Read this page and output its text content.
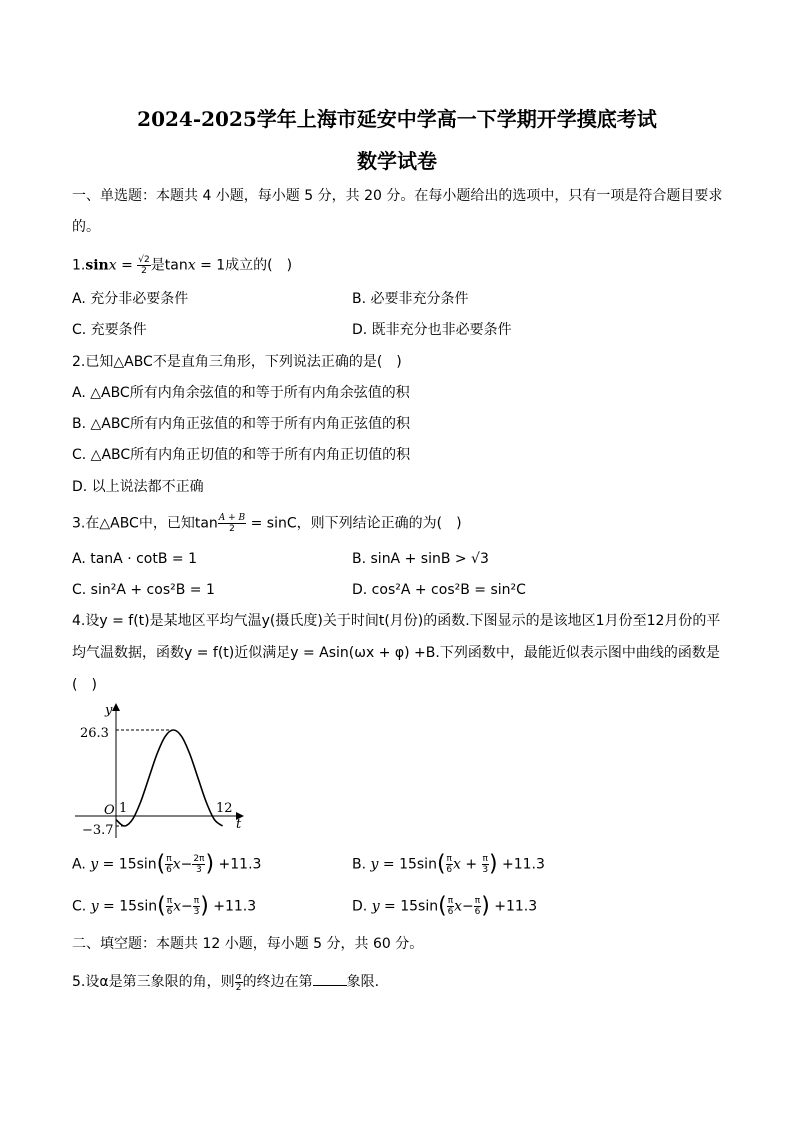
2024-2025学年上海市延安中学高一下学期开学摸底考试
数学试卷
一、单选题：本题共 4 小题，每小题 5 分，共 20 分。在每小题给出的选项中，只有一项是符合题目要求
的。
$1.\sin x = \frac{√2}{2}$ 是tanx = 1成立的(　)
A. 充分非必要条件	B. 必要非充分条件
C. 充要条件	D. 既非充分也非必要条件
2.已知△ABC不是直角三角形，下列说法正确的是(　)
A. △ABC所有内角余弦值的和等于所有内角余弦值的积
B. △ABC所有内角正弦值的和等于所有内角正弦值的积
C. △ABC所有内角正切值的和等于所有内角正切值的积
D. 以上说法都不正确
3.在△ABC中，已知$\tan \frac{A + B}{2} = \sin C$，则下列结论正确的为(　)
A. tanA · cotB = 1	B. sinA + sinB > √3
C. sin²A + cos²B = 1	D. cos²A + cos²B = sin²C
4.设y = f(t)是某地区平均气温y(摄氏度)关于时间t(月份)的函数.下图显示的是该地区1月份至12月份的平
均气温数据，函数y = f(t)近似满足y = Asin(ωx + φ) +B.下列函数中，最能近似表示图中曲线的函数是
(　)
y
t
O 1	12
26.3
−3.7
A. $y = 15\sin( \frac{\pi}{6} x- \frac{2\pi}{3}$ ) +11.3	B. $y = 15\sin( \frac{\pi}{6}$ $x + \frac{\pi}{3}$ ) +11.3
C. $y = 15\sin( \frac{\pi}{6} x- \frac{\pi}{3}$ ) +11.3	D. $y = 15\sin( \frac{\pi}{6} x- \frac{\pi}{6}$ ) +11.3
二、填空题：本题共 12 小题，每小题 5 分，共 60 分。
5.设α是第三象限的角，则 $\frac{\alpha}{2}$ 的终边在第 象限.
